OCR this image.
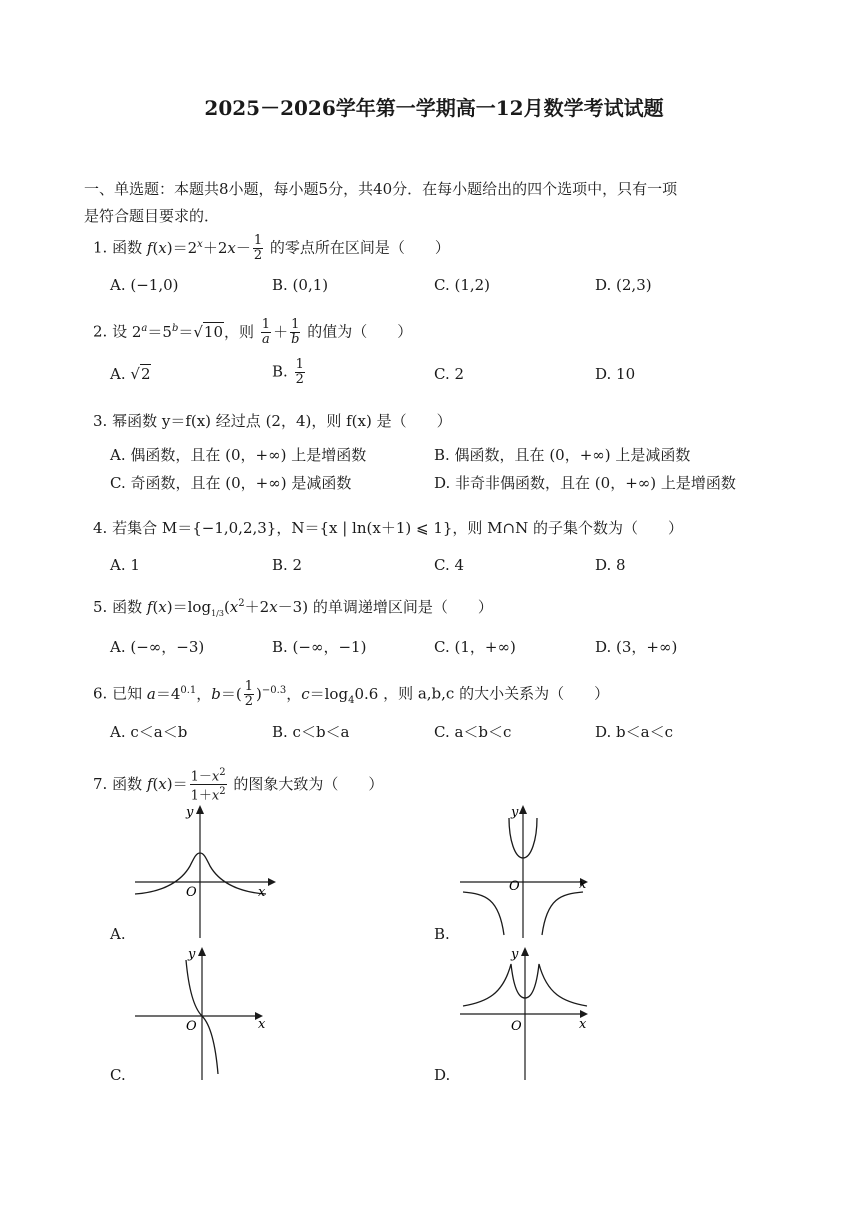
2025－2026学年第一学期高一12月数学考试试题
一、单选题：本题共8小题，每小题5分，共40分．在每小题给出的四个选项中，只有一项
是符合题目要求的．
1. 函数 $f(x)=2^x+2x- \frac{1}{2}$ 的零点所在区间是（　　）
A. (−1,0)	B. (0,1)	C. (1,2)	D. (2,3)
2. 设 $2^a=5^b=√10$，则 $\frac{1}{a} + \frac{1}{b}$ 的值为（　　）
A. √2	B. $\frac{1}{2}$	C. 2	D. 10
3. 幂函数 y＝f(x) 经过点 (2，4)，则 f(x) 是（　　）
A. 偶函数，且在 (0，+∞) 上是增函数	B. 偶函数，且在 (0，+∞) 上是减函数
C. 奇函数，且在 (0，+∞) 是减函数	D. 非奇非偶函数，且在 (0，+∞) 上是增函数
4. 若集合 M＝{−1,0,2,3}，N＝{x | ln(x＋1) ⩽ 1}，则 M∩N 的子集个数为（　　）
A. 1	B. 2	C. 4	D. 8
5. 函数 $f(x)=\log_{1/3}(x^2+2x-3)$ 的单调递增区间是（　　）
A. (−∞，−3)	B. (−∞，−1)	C. (1，+∞)	D. (3，+∞)
6. 已知 $a=4^{0.1}$，$b=( \frac{1}{2} )^{-0.3}$，$c=\log_40.6$ ，则 a,b,c 的大小关系为（　　）
A. c＜a＜b	B. c＜b＜a	C. a＜b＜c	D. b＜a＜c
7. 函数 $f(x)= \frac{1-x^2}{1+x^2}$ 的图象大致为（　　）
y
x
O
A.
y
x
O
B.
y
x
O
C.
y
x
O
D.
